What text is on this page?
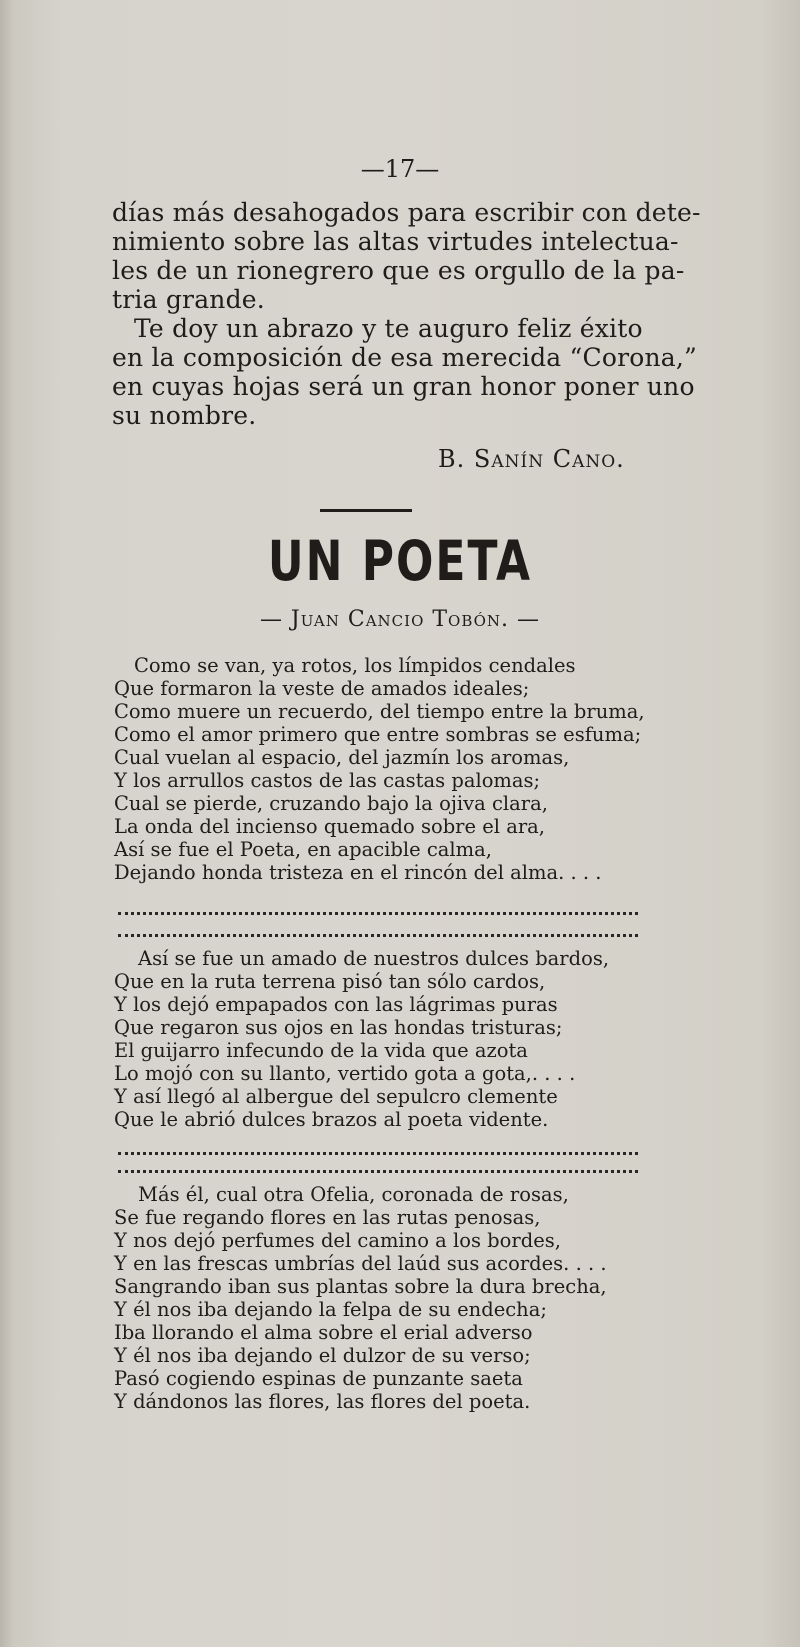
—17—
días más desahogados para escribir con dete-
nimiento sobre las altas virtudes intelectua-
les de un rionegrero que es orgullo de la pa-
tria grande.
Te doy un abrazo y te auguro feliz éxito
en la composición de esa merecida “Corona,”
en cuyas hojas será un gran honor poner uno
su nombre.
B. Sanín Cano.
UN POETA
— Juan Cancio Tobón. —
Como se van, ya rotos, los límpidos cendales
Que formaron la veste de amados ideales;
Como muere un recuerdo, del tiempo entre la bruma,
Como el amor primero que entre sombras se esfuma;
Cual vuelan al espacio, del jazmín los aromas,
Y los arrullos castos de las castas palomas;
Cual se pierde, cruzando bajo la ojiva clara,
La onda del incienso quemado sobre el ara,
Así se fue el Poeta, en apacible calma,
Dejando honda tristeza en el rincón del alma. . . .
Así se fue un amado de nuestros dulces bardos,
Que en la ruta terrena pisó tan sólo cardos,
Y los dejó empapados con las lágrimas puras
Que regaron sus ojos en las hondas tristuras;
El guijarro infecundo de la vida que azota
Lo mojó con su llanto, vertido gota a gota,. . . .
Y así llegó al albergue del sepulcro clemente
Que le abrió dulces brazos al poeta vidente.
Más él, cual otra Ofelia, coronada de rosas,
Se fue regando flores en las rutas penosas,
Y nos dejó perfumes del camino a los bordes,
Y en las frescas umbrías del laúd sus acordes. . . .
Sangrando iban sus plantas sobre la dura brecha,
Y él nos iba dejando la felpa de su endecha;
Iba llorando el alma sobre el erial adverso
Y él nos iba dejando el dulzor de su verso;
Pasó cogiendo espinas de punzante saeta
Y dándonos las flores, las flores del poeta.
